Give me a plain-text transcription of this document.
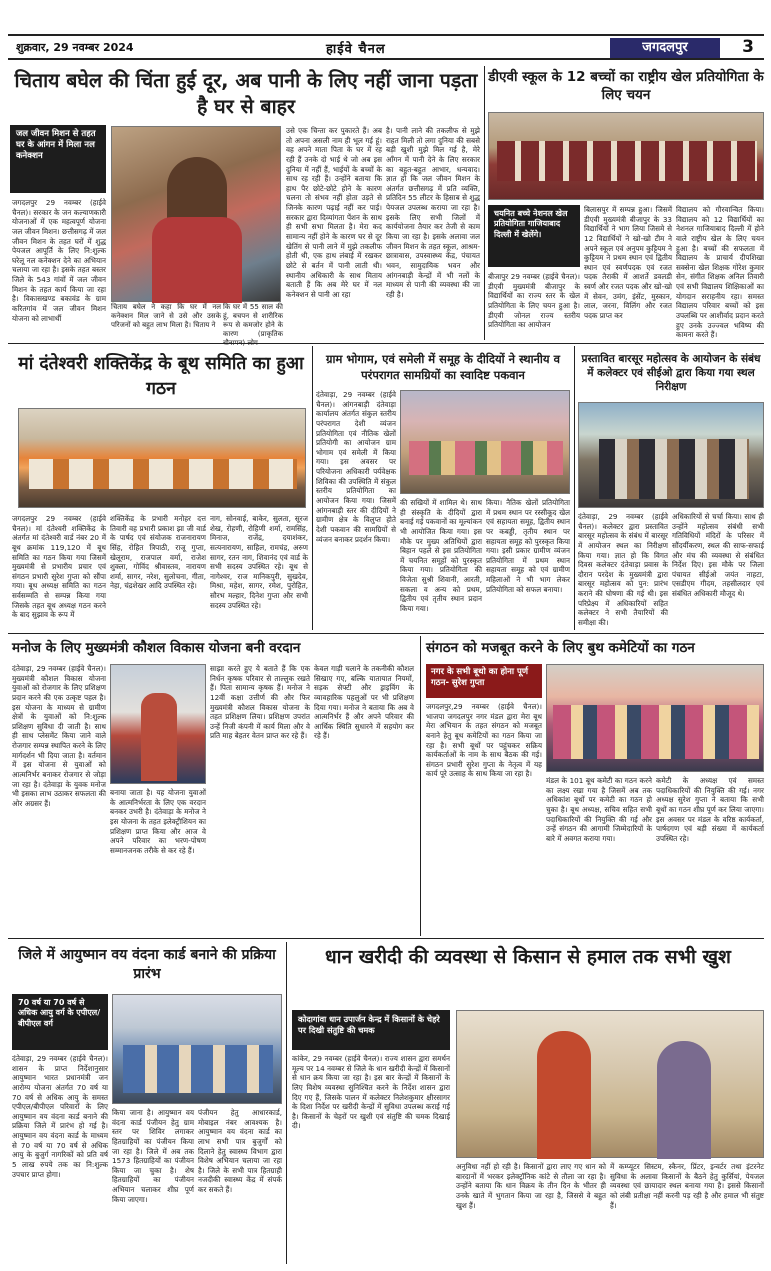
शुक्रवार, 29 नवम्बर 2024	हाईवे चैनल	जगदलपुर	3
चिताय बघेल की चिंता हुई दूर, अब पानी के लिए नहीं जाना पड़ता है घर से बाहर
जल जीवन मिशन से तहत घर के आंगन में मिला नल कनेक्शन
जगदलपुर 29 नवम्बर (हाईवे चैनल)। सरकार के जन कल्याणकारी योजनाओं में एक महत्वपूर्ण योजना जल जीवन मिशन। छत्तीसगढ़ में जल जीवन मिशन के तहत घरों में शुद्ध पेयजल आपूर्ति के लिए नि:शुल्क घरेलू नल कनेक्शन देने का अभियान चलाया जा रहा है। इसके तहत बस्तर जिले के 543 गांवों में जल जीवन मिशन के तहत कार्य किया जा रहा है। विकासखण्ड बकावंड के ग्राम करितगांव में जल जीवन मिशन योजना को लाभार्थी
चिताय बघेल ने कहा कि घर में नल कनेक्शन मिल जाने से उसे और उसके परिजनों को बहुत लाभ मिला है। चिताय ने
कि घर में 55 साल की हूं, बचपन से शारीरिक रूप से कमजोर होने के कारण (प्राकृतिक
उसे एक चिन्ता कर पुकारते हैं। अब तो अपना असली नाम ही भूल गई हूं। वह अपने माता पिता के घर में रह रही हैं उनके दो भाई थे जो अब इस दुनिया में नहीं हैं, भाईयों के बच्चों के साथ रह रही हैं। उन्होंने बताया कि हाथ पैर छोटे-छोटे होने के कारण चलना तो संभव नहीं होता उड़ते से जिनके कारण पढ़ाई नहीं कर पाई। सरकार द्वारा दिव्यांगता पेंशन के साथ ही सभी सभा मिलता है। मेरा कद सामान्य नहीं होने के कारण घर से दूर खेतिंग से पानी लाने में मुझे तकलीफ होती थी, एक हाथ लंबाई में रखकर छोटे से बर्तन में पानी लाती थी। स्थानीय अधिकारी के साथ मिताय बताती हैं कि अब मेरे घर में नल कनेक्शन से पानी आ रहा
है। पानी लाने की तकलीफ से मुझे राहत मिली तो लगा दुनिया की सबसे बड़ी खुशी मुझे मिल गई है, मेरे आँगन में पानी देने के लिए सरकार का बहुत-बहुत आभार, धन्यवाद। ज्ञात हो कि जल जीवन मिशन के अंतर्गत छत्तीसगढ़ में प्रति व्यक्ति, प्रतिदिन 55 लीटर के हिसाब से शुद्ध पेयजल उपलब्ध कराया जा रहा है। इसके लिए सभी जिलों में कार्ययोजना तैयार कर तेजी से काम किया जा रहा है। इसके अलावा जल जीवन मिशन के तहत स्कूल, आश्रम-छात्रावास, उपस्वास्थ्य केंद्र, पंचायत भवन, सामुदायिक भवन और आंगनबाड़ी केन्द्रों में भी नलों के माध्यम से पानी की व्यवस्था की जा रही है।
डीएवी स्कूल के 12 बच्चों का राष्ट्रीय खेल प्रतियोगिता के लिए चयन
चयनित बच्चे नेशनल खेल प्रतियोगिता गाजियाबाद दिल्ली में खेलेंगे।
बीजापुर 29 नवम्बर (हाईवे चैनल)। डीएवी मुख्यमंत्री बीजापुर के विद्यार्थियों का राज्य स्तर के खेल प्रतियोगिता के लिए चयन हुआ है। डीएवी जोनल राज्य स्तरीय प्रतियोगिता का आयोजन
बिलासपुर में सम्पन्न हुआ। जिसमें डीएवी मुख्यमंत्री बीजापुर के 33 विद्यार्थियों ने भाग लिया जिसमे से 12 विद्यार्थियों ने खो-खो टीम ने अपने स्कूल एवं अनुपम कुट्टियम ने कुट्टियम ने प्रथम स्थान एवं द्वितीय स्थान एवं स्वर्णपदक एवं रजत पदक तैराकी में आशर्ते डवलडी स्वर्ण और रजत पदक और खो-खो में सेवन, उमंग, इंसेंट, मुस्कान, लाल, जरना, विलिंग और रजत पदक प्राप्त कर
विद्यालय को गौरवान्वित किया। विद्यालय को 12 विद्यार्थियों का नेशनल गाजियाबाद दिल्ली में होने वाले राष्ट्रीय खेल के लिए चयन हुआ है। बच्चों की सफलता में विद्यालय के प्राचार्य दीपशिखा सक्सेना खेल शिक्षक गोरेश कुमार सेन, संगीत शिक्षक अनिल तिवारी एवं सभी विद्यालय शिक्षिकाओं का योगदान सराहनीय रहा। समस्त विद्यालय परिवार बच्चों को इस उपलब्धि पर आशीर्वाद प्रदान करते हुए उनके उज्ज्वल भविष्य की कामना करते हैं।
मां दंतेश्वरी शक्तिकेंद्र के बूथ समिति का हुआ गठन
जगदलपुर 29 नवम्बर (हाईवे चैनल)। मां दंतेश्वरी शक्तिकेंद्र के अंतर्गत मां दंतेश्वरी वार्ड नंबर 20 में बूथ क्रमांक 119,120 में बूथ समिति का गठन किया गया जिसमें मुख्यमंत्री से प्रभारीय प्रचार एवं संगठन प्रभारी सुरेश गुप्ता को सौंपा गया। बूथ अध्यक्ष समिति का गठन सर्वसम्मति से सम्पन्न किया गया जिसके तहत बूथ अध्यक्ष गठन करने के बाद सुझाव के रूप में
शक्तिकेंद्र के प्रभारी मनोहर दत्त तिवारी वह प्रभारी प्रकाश झा जी वार्ड के पार्षद एवं संयोजक राजनारायण सिंह, रोहित त्रिपाठी, राजू गुप्ता, खेलूराम, राजपाल वर्मा, राजेश शुक्ला, गोविंद श्रीवास्तव, नारायण शर्मा, सागर, नरेश, सुलोचना, गीता, नेहा, चंद्रशेखर आदि उपस्थित रहे।
नाग, सोनवाई, बाकेर, सुलता, सूरज शेख, रोहणी, रोहिणी शर्मा, रामसिंह, मिनाज, राजेंद्र, दयाशंकर, सत्यनारायण, साहिल, रामचंद्र, अरुण सागर, रतन नाग, शिवानंद एवं वार्ड के सभी सदस्य उपस्थित रहे। बूथ से नागेश्वर, राज मानिकपुरी, सुखदेव, मिश्रा, महेश, सागर, रमेश, पुरोहित, सौरभ मल्हार, दिनेश गुप्ता और सभी सदस्य उपस्थित रहे।
ग्राम भोगाम, एवं समेली में समूह के दीदियों ने स्थानीय व परंपरागत सामग्रियों का स्वादिष्ट पकवान
दंतेवाड़ा, 29 नवम्बर (हाईवे चैनल)। आंगनबाड़ी दंतेवाड़ा कार्यालय अंतर्गत संकुल स्तरीय परंपरागत देशी व्यंजन प्रतियोगिता एवं नीतिक खेलों प्रतियोगी का आयोजन ग्राम भोगाम एवं समेली में किया गया। इस अवसर पर परियोजना अधिकारी पर्यवेक्षक शिविका की उपस्थिति में संकुल स्तरीय प्रतियोगिता का आयोजन किया गया। जिसमें आंगनबाड़ी स्तर की दीदियों ने ग्रामीण क्षेत्र के विलुप्त होते देशी पकवान की सामग्रियों से व्यंजन बनाकर प्रदर्शन किया।
की सखियों में शामिल थे। साथ ही संस्कृति के दीदियों द्वारा बनाई गई पकवानों का मूल्यांकन भी आयोजित किया गया। इस मौके पर मुख्य अतिथियों द्वारा बिहान पहले से इस प्रतियोगिता में चयनित समूहों को पुरस्कृत किया गया। प्रतियोगिता की विजेता सुश्री शिवानी, आरती, सकला व अन्य को प्रथम, द्वितीय एवं तृतीय स्थान प्रदान किया गया।
किया। नैतिक खेलों प्रतियोगिता में प्रथम स्थान पर रस्सीकूद खेल एवं सहायता समूह, द्वितीय स्थान पर कबड्डी, तृतीय स्थान पर सहायता समूह को पुरस्कृत किया गया। इसी प्रकार ग्रामीण व्यंजन प्रतियोगिता में प्रथम स्थान सहायता समूह को एवं ग्रामीण महिलाओं ने भी भाग लेकर प्रतियोगिता को सफल बनाया।
प्रस्तावित बारसूर महोत्सव के आयोजन के संबंध में कलेक्टर एवं सीईओ द्वारा किया गया स्थल निरीक्षण
दंतेवाड़ा, 29 नवम्बर (हाईवे चैनल)। कलेक्टर द्वारा प्रस्तावित बारसूर महोत्सव के संबंध में बारसूर में आयोजन स्थल का निरीक्षण किया गया। ज्ञात हो कि विगत दिवस कलेक्टर दंतेवाड़ा प्रवास के दौरान परदेश के मुख्यमंत्री द्वारा बारसूर महोत्सव को पुन: प्रारंभ कराने की घोषणा की गई थी। इस परिप्रेक्ष्य में अधिकारियों सहित कलेक्टर ने सभी तैयारियों की समीक्षा की।
अधिकारियों से चर्चा किया। साथ ही उन्होंने महोत्सव संबंधी सभी गतिविधियों मंदिरों के परिसर में सौंदर्यीकरण, स्थल की साफ-सफाई और मंच की व्यवस्था से संबंधित निर्देश दिए। इस मौके पर जिला पंचायत सीईओ जयंत नाहटा, एसडीएम गीदम, तहसीलदार एवं संबंधित अधिकारी मौजूद थे।
मनोज के लिए मुख्यमंत्री कौशल विकास योजना बनी वरदान
दंतेवाड़ा, 29 नवम्बर (हाईवे चैनल)। मुख्यमंत्री कौशल विकास योजना युवाओं को रोजगार के लिए प्रशिक्षण प्रदान करने की एक उत्कृष्ट पहल है। इस योजना के माध्यम से ग्रामीण क्षेत्रों के युवाओं को नि:शुल्क प्रशिक्षण सुविधा दी जाती है। साथ ही साथ प्लेसमेंट किया जाने वाले रोजगार सम्पन्न स्थापित करने के लिए मार्गदर्शन भी दिया जाता है। वर्तमान में इस योजना से युवाओं को आत्मनिर्भर बनाकर रोजगार से जोड़ा जा रहा है। दंतेवाड़ा के युवक मनोज भी इसका लाभ उठाकर सफलता की ओर अग्रसर हैं।
बनाया जाता है। यह योजना युवाओं के आत्मनिर्भरता के लिए एक वरदान बनकर उभरी है। दंतेवाड़ा के मनोज ने इस योजना के तहत इलेक्ट्रीशियन का प्रशिक्षण प्राप्त किया और आज वे अपने परिवार का भरण-पोषण सम्मानजनक तरीके से कर रहे हैं।
साझा करते हुए ये बताते हैं कि एक निर्धन कृषक परिवार से ताल्लुक रखते हैं। पिता सामान्य कृषक हैं। मनोज ने 12वीं कक्षा उत्तीर्ण की और फिर मुख्यमंत्री कौशल विकास योजना के तहत प्रशिक्षण लिया। प्रशिक्षण उपरांत उन्हें निजी कंपनी में कार्य मिला और वे प्रति माह बेहतर वेतन प्राप्त कर रहे हैं।
केवल गाड़ी चलाने के तकनीकी कौशल सिखाए गए, बल्कि यातायात नियमों, सड़क सेफ्टी और ड्राइविंग के व्यावहारिक पहलुओं पर भी प्रशिक्षण दिया गया। मनोज ने बताया कि अब वे आत्मनिर्भर हैं और अपने परिवार की आर्थिक स्थिति सुधारने में सहयोग कर रहे हैं।
संगठन को मजबूत करने के लिए बुथ कमेटियों का गठन
नगर के सभी बूथो का होना पूर्ण गठन- सुरेश गुप्ता
जगदलपुर,29 नवम्बर (हाईवे चैनल)। भाजपा जगदलपुर नगर मंडल द्वारा मेरा बूथ मेरा अभियान के तहत संगठन को मजबूत बनाने हेतु बूथ कमेटियों का गठन किया जा रहा है। सभी बूथों पर पहुंचकर सक्रिय कार्यकर्ताओं के नाम के साथ बैठक की गई। संगठन प्रभारी सुरेश गुप्ता के नेतृत्व में यह कार्य पूरे उत्साह के साथ किया जा रहा है।
मंडल के 101 बूथ कमेटी का गठन करने का लक्ष्य रखा गया है जिसमें अब तक अधिकांश बूथों पर कमेटी का गठन हो चुका है। बूथ अध्यक्ष, सचिव सहित सभी पदाधिकारियों की नियुक्ति की गई और उन्हें संगठन की आगामी जिम्मेदारियों के बारे में अवगत कराया गया।
कमेटी के अध्यक्ष एवं समस्त पदाधिकारियों की नियुक्ति की गई। नगर अध्यक्ष सुरेश गुप्ता ने बताया कि सभी बूथों का गठन शीघ्र पूर्ण कर लिया जाएगा। इस अवसर पर मंडल के वरिष्ठ कार्यकर्ता, पार्षदगण एवं बड़ी संख्या में कार्यकर्ता उपस्थित रहे।
जिले में आयुष्मान वय वंदना कार्ड बनाने की प्रक्रिया प्रारंभ
70 वर्ष या 70 वर्ष से अधिक आयु वर्ग के एपीएल/बीपीएल वर्ग
दंतेवाड़ा, 29 नवम्बर (हाईवे चैनल)। शासन के प्राप्त निर्देशानुसार आयुष्मान भारत प्रधानमंत्री जन आरोग्य योजना अंतर्गत 70 वर्ष या 70 वर्ष से अधिक आयु के समस्त एपीएल/बीपीएल परिवारों के लिए आयुष्मान वय वंदना कार्ड बनाने की प्रक्रिया जिले में प्रारंभ हो गई है। आयुष्मान वय वंदना कार्ड के माध्यम से 70 वर्ष या 70 वर्ष से अधिक आयु के बुजुर्ग नागरिकों को प्रति वर्ष 5 लाख रुपये तक का नि:शुल्क उपचार प्राप्त होगा।
किया जाना है। आयुष्मान वय वंदना कार्ड पंजीयन हेतु ग्राम स्तर पर शिविर लगाकर हितग्राहियों का पंजीयन किया जा रहा है। जिले में अब तक 1573 हितग्राहियों का पंजीयन किया जा चुका है। शेष हितग्राहियों का पंजीयन अभियान चलाकर शीघ्र पूर्ण किया जाएगा।
पंजीयन हेतु आधारकार्ड, मोबाइल नंबर आवश्यक है। आयुष्मान वय वंदना कार्ड का लाभ सभी पात्र बुजुर्गों को दिलाने हेतु स्वास्थ्य विभाग द्वारा विशेष अभियान चलाया जा रहा है। जिले के सभी पात्र हितग्राही नजदीकी स्वास्थ्य केंद्र में संपर्क कर सकते हैं।
धान खरीदी की व्यवस्था से किसान से हमाल तक सभी खुश
कोदागांवा धान उपार्जन केन्द्र में किसानों के चेहरे पर दिखी संतुष्टि की चमक
कांकेर, 29 नवम्बर (हाईवे चैनल)। राज्य शासन द्वारा समर्थन मूल्य पर 14 नवम्बर से जिले के धान खरीदी केन्द्रों में किसानों से धान क्रय किया जा रहा है। इस बार केन्द्रों में किसानों के लिए विशेष व्यवस्था सुनिश्चित करने के निर्देश शासन द्वारा दिए गए हैं, जिसके पालन में कलेक्टर निलेशकुमार क्षीरसागर के दिशा निर्देश पर खरीदी केन्द्रों में सुविधा उपलब्ध कराई गई है। किसानों के चेहरों पर खुशी एवं संतुष्टि की चमक दिखाई दी।
अनुविधा नहीं हो रही है। किसानों द्वारा लाए गए धान को बारदानों में भरकर इलेक्ट्रॉनिक कांटे से तौला जा रहा है। उन्होंने बताया कि धान विक्रय के तीन दिन के भीतर ही उनके खाते में भुगतान किया जा रहा है, जिससे वे बहुत खुश हैं।
में कम्प्यूटर सिस्टम, स्कैनर, प्रिंटर, इन्वर्टर तथा इंटरनेट सुविधा के अलावा किसानों के बैठने हेतु कुर्सियां, पेयजल व्यवस्था एवं छायादार स्थल बनाया गया है। इससे किसानों को लंबी प्रतीक्षा नहीं करनी पड़ रही है और हमाल भी संतुष्ट हैं।
